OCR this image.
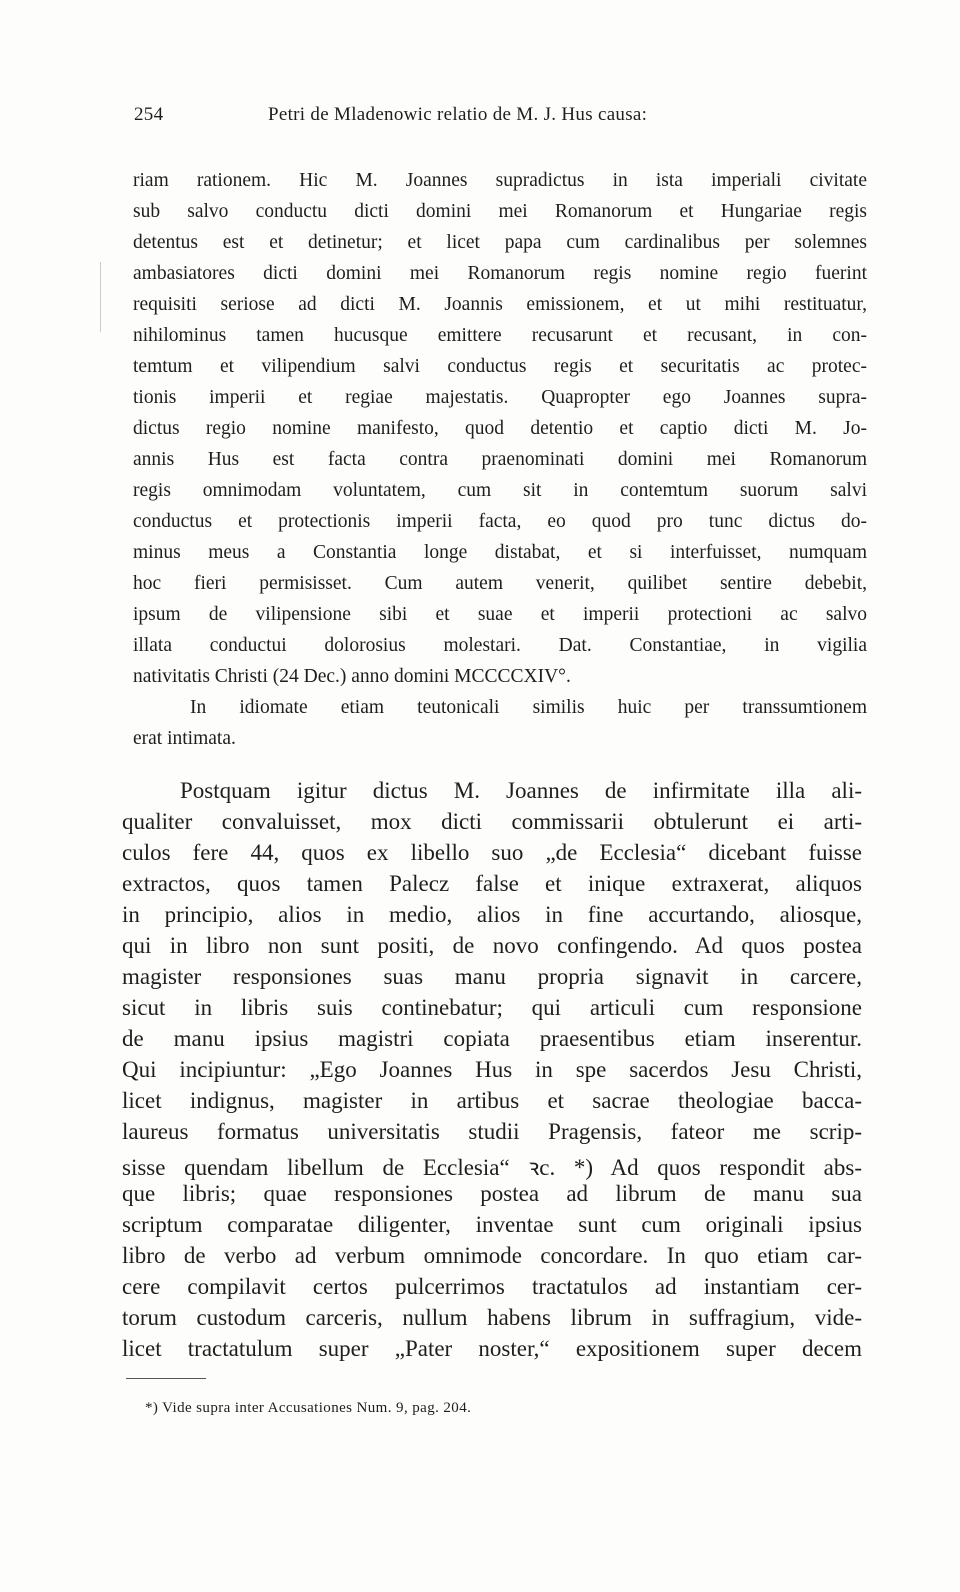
254	Petri de Mladenowic relatio de M. J. Hus causa:
riam rationem. Hic M. Joannes supradictus in ista imperiali civitate
sub salvo conductu dicti domini mei Romanorum et Hungariae regis
detentus est et detinetur; et licet papa cum cardinalibus per solemnes
ambasiatores dicti domini mei Romanorum regis nomine regio fuerint
requisiti seriose ad dicti M. Joannis emissionem, et ut mihi restituatur,
nihilominus tamen hucusque emittere recusarunt et recusant, in con-
temtum et vilipendium salvi conductus regis et securitatis ac protec-
tionis imperii et regiae majestatis. Quapropter ego Joannes supra-
dictus regio nomine manifesto, quod detentio et captio dicti M. Jo-
annis Hus est facta contra praenominati domini mei Romanorum
regis omnimodam voluntatem, cum sit in contemtum suorum salvi
conductus et protectionis imperii facta, eo quod pro tunc dictus do-
minus meus a Constantia longe distabat, et si interfuisset, numquam
hoc fieri permisisset. Cum autem venerit, quilibet sentire debebit,
ipsum de vilipensione sibi et suae et imperii protectioni ac salvo
illata conductui dolorosius molestari. Dat. Constantiae, in vigilia
nativitatis Christi (24 Dec.) anno domini MCCCCXIV°.
In idiomate etiam teutonicali similis huic per transsumtionem
erat intimata.
Postquam igitur dictus M. Joannes de infirmitate illa ali-
qualiter convaluisset, mox dicti commissarii obtulerunt ei arti-
culos fere 44, quos ex libello suo „de Ecclesia“ dicebant fuisse
extractos, quos tamen Palecz false et inique extraxerat, aliquos
in principio, alios in medio, alios in fine accurtando, aliosque,
qui in libro non sunt positi, de novo confingendo. Ad quos postea
magister responsiones suas manu propria signavit in carcere,
sicut in libris suis continebatur; qui articuli cum responsione
de manu ipsius magistri copiata praesentibus etiam inserentur.
Qui incipiuntur: „Ego Joannes Hus in spe sacerdos Jesu Christi,
licet indignus, magister in artibus et sacrae theologiae bacca-
laureus formatus universitatis studii Pragensis, fateor me scrip-
sisse quendam libellum de Ecclesia“ ꝛc. *) Ad quos respondit abs-
que libris; quae responsiones postea ad librum de manu sua
scriptum comparatae diligenter, inventae sunt cum originali ipsius
libro de verbo ad verbum omnimode concordare. In quo etiam car-
cere compilavit certos pulcerrimos tractatulos ad instantiam cer-
torum custodum carceris, nullum habens librum in suffragium, vide-
licet tractatulum super „Pater noster,“ expositionem super decem
*) Vide supra inter Accusationes Num. 9, pag. 204.
